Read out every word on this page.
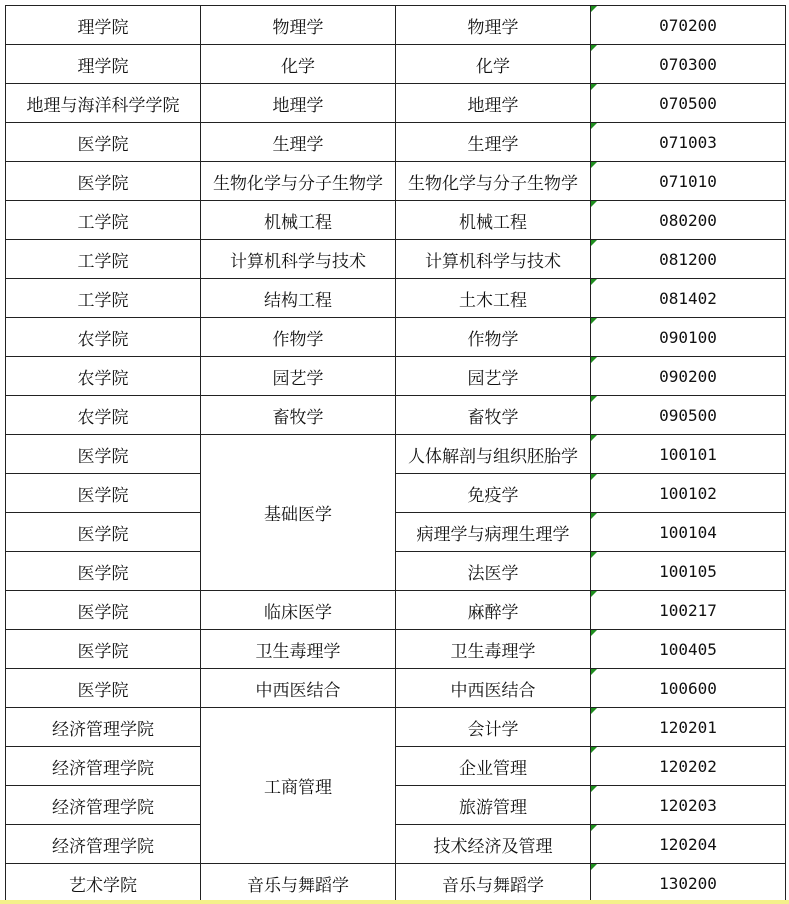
理学院	物理学	物理学	070200
理学院	化学	化学	070300
地理与海洋科学学院	地理学	地理学	070500
医学院	生理学	生理学	071003
医学院	生物化学与分子生物学	生物化学与分子生物学	071010
工学院	机械工程	机械工程	080200
工学院	计算机科学与技术	计算机科学与技术	081200
工学院	结构工程	土木工程	081402
农学院	作物学	作物学	090100
农学院	园艺学	园艺学	090200
农学院	畜牧学	畜牧学	090500
医学院	基础医学	人体解剖与组织胚胎学	100101
医学院		免疫学	100102
医学院		病理学与病理生理学	100104
医学院		法医学	100105
医学院	临床医学	麻醉学	100217
医学院	卫生毒理学	卫生毒理学	100405
医学院	中西医结合	中西医结合	100600
经济管理学院	工商管理	会计学	120201
经济管理学院		企业管理	120202
经济管理学院		旅游管理	120203
经济管理学院		技术经济及管理	120204
艺术学院	音乐与舞蹈学	音乐与舞蹈学	130200
